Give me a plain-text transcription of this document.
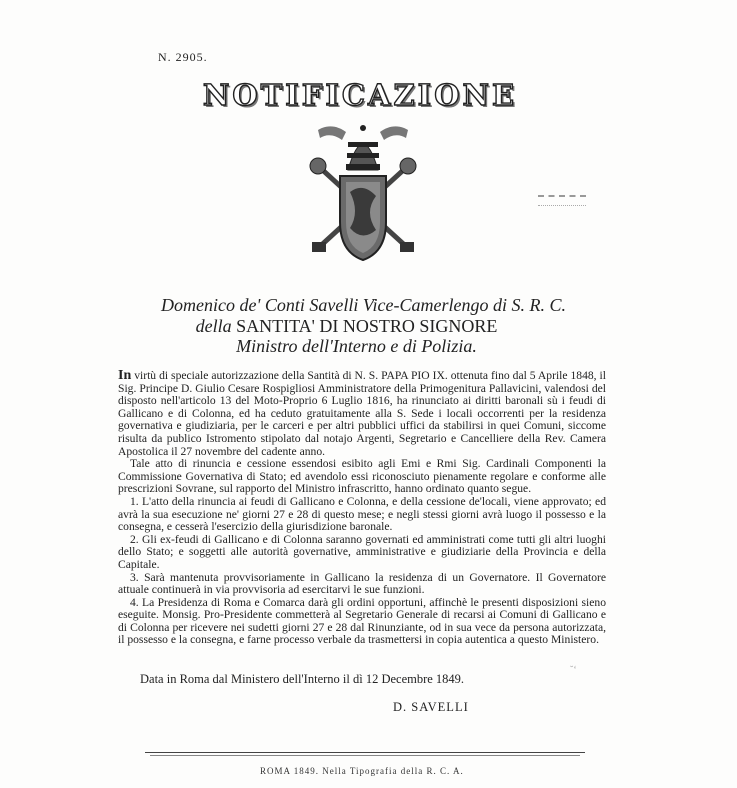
N. 2905.
NOTIFICAZIONE
Domenico de' Conti Savelli Vice-Camerlengo di S. R. C.
della SANTITA' DI NOSTRO SIGNORE
Ministro dell'Interno e di Polizia.

In virtù di speciale autorizzazione della Santità di N. S. PAPA PIO IX. ottenuta fino dal 5 Aprile 1848, il Sig. Principe D. Giulio Cesare Rospigliosi Amministratore della Primogenitura Pallavicini, valendosi del disposto nell'articolo 13 del Moto-Proprio 6 Luglio 1816, ha rinunciato ai diritti baronali sù i feudi di Gallicano e di Colonna, ed ha ceduto gratuitamente alla S. Sede i locali occorrenti per la residenza governativa e giudiziaria, per le carceri e per altri pubblici uffici da stabilirsi in quei Comuni, siccome risulta da publico Istromento stipolato dal notajo Argenti, Segretario e Cancelliere della Rev. Camera Apostolica il 27 novembre del cadente anno.

Tale atto di rinuncia e cessione essendosi esibito agli Emi e Rmi Sig. Cardinali Componenti la Commissione Governativa di Stato; ed avendolo essi riconosciuto pienamente regolare e conforme alle prescrizioni Sovrane, sul rapporto del Ministro infrascritto, hanno ordinato quanto segue.

1. L'atto della rinuncia ai feudi di Gallicano e Colonna, e della cessione de'locali, viene approvato; ed avrà la sua esecuzione ne' giorni 27 e 28 di questo mese; e negli stessi giorni avrà luogo il possesso e la consegna, e cesserà l'esercizio della giurisdizione baronale.

2. Gli ex-feudi di Gallicano e di Colonna saranno governati ed amministrati come tutti gli altri luoghi dello Stato; e soggetti alle autorità governative, amministrative e giudiziarie della Provincia e della Capitale.

3. Sarà mantenuta provvisoriamente in Gallicano la residenza di un Governatore. Il Governatore attuale continuerà in via provvisoria ad esercitarvi le sue funzioni.

4. La Presidenza di Roma e Comarca darà gli ordini opportuni, affinchè le presenti disposizioni sieno eseguite. Monsig. Pro-Presidente commetterà al Segretario Generale di recarsi ai Comuni di Gallicano e di Colonna per ricevere nei sudetti giorni 27 e 28 dal Rinunziante, od in sua vece da persona autorizzata, il possesso e la consegna, e farne processo verbale da trasmettersi in copia autentica a questo Ministero.

Data in Roma dal Ministero dell'Interno il dì 12 Decembre 1849.
˘‘
D. SAVELLI
ROMA 1849. Nella Tipografia della R. C. A.
